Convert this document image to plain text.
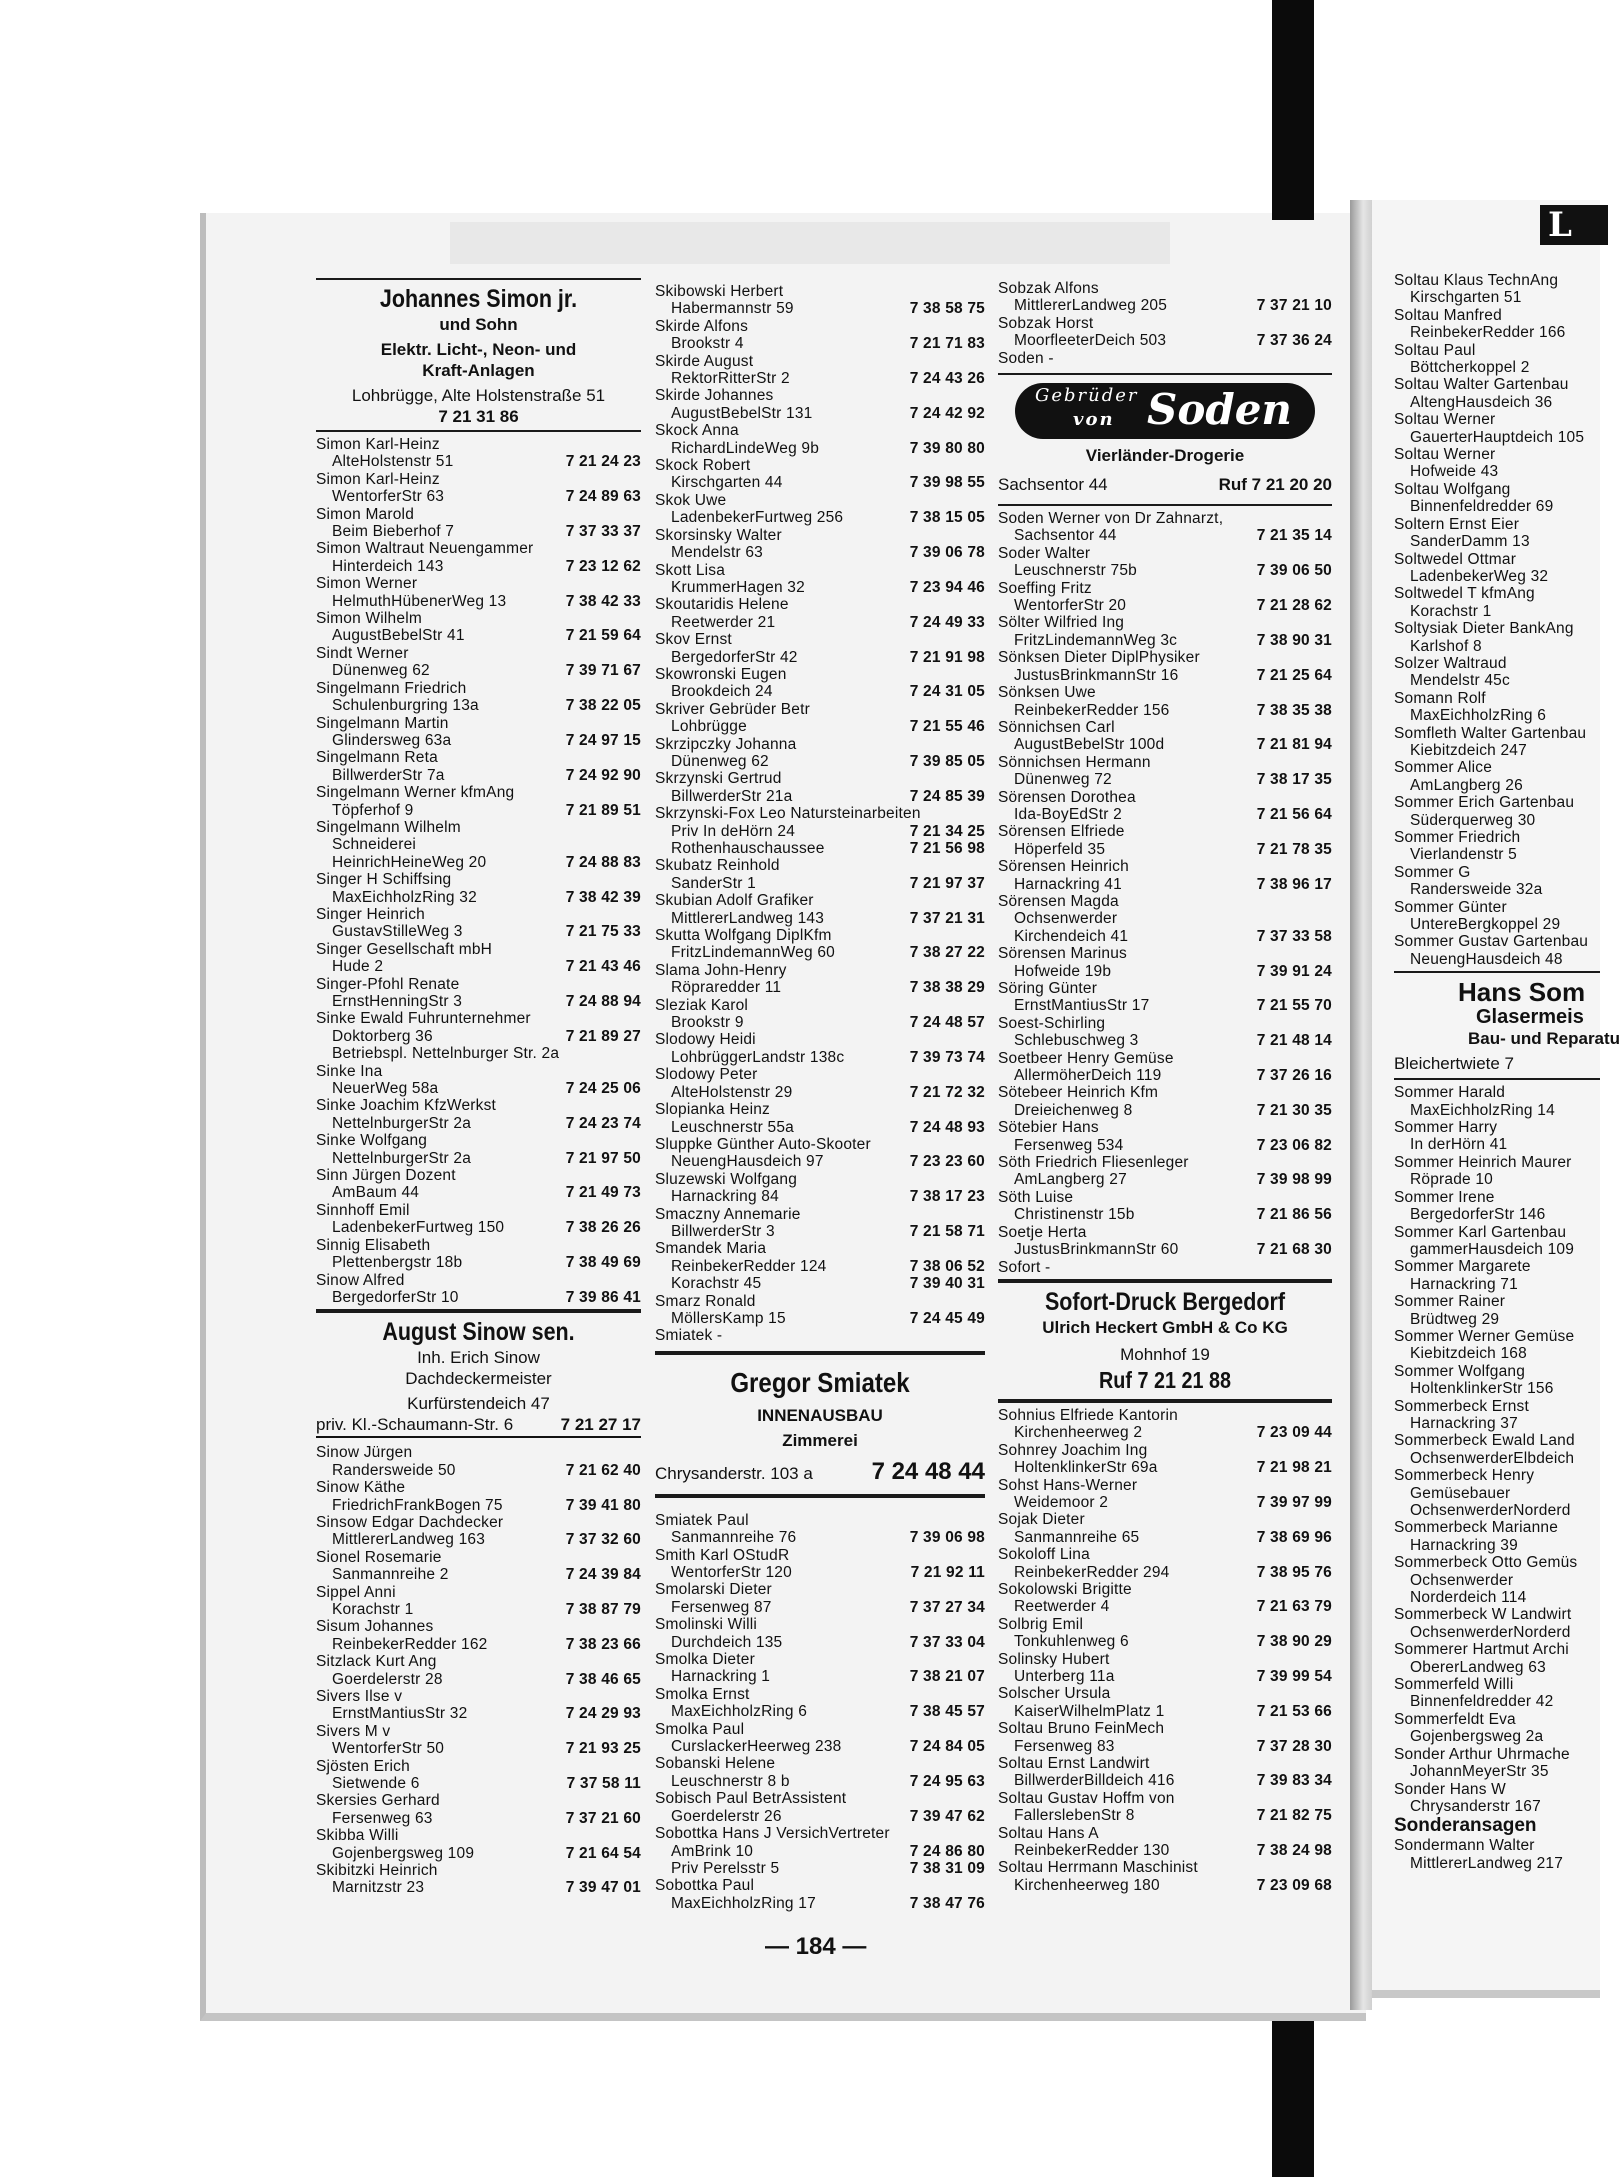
L
Johannes Simon jr.
und Sohn
Elektr. Licht-, Neon- und
Kraft-Anlagen
Lohbrügge, Alte Holstenstraße 51
7 21 31 86
Simon Karl-Heinz
AlteHolstenstr 51	7 21 24 23
Simon Karl-Heinz
WentorferStr 63	7 24 89 63
Simon Marold
Beim Bieberhof 7	7 37 33 37
Simon Waltraut Neuengammer
Hinterdeich 143	7 23 12 62
Simon Werner
HelmuthHübenerWeg 13	7 38 42 33
Simon Wilhelm
AugustBebelStr 41	7 21 59 64
Sindt Werner
Dünenweg 62	7 39 71 67
Singelmann Friedrich
Schulenburgring 13a	7 38 22 05
Singelmann Martin
Glindersweg 63a	7 24 97 15
Singelmann Reta
BillwerderStr 7a	7 24 92 90
Singelmann Werner kfmAng
Töpferhof 9	7 21 89 51
Singelmann Wilhelm
Schneiderei
HeinrichHeineWeg 20	7 24 88 83
Singer H Schiffsing
MaxEichholzRing 32	7 38 42 39
Singer Heinrich
GustavStilleWeg 3	7 21 75 33
Singer Gesellschaft mbH
Hude 2	7 21 43 46
Singer-Pfohl Renate
ErnstHenningStr 3	7 24 88 94
Sinke Ewald Fuhrunternehmer
Doktorberg 36	7 21 89 27
Betriebspl. Nettelnburger Str. 2a
Sinke Ina
NeuerWeg 58a	7 24 25 06
Sinke Joachim KfzWerkst
NettelnburgerStr 2a	7 24 23 74
Sinke Wolfgang
NettelnburgerStr 2a	7 21 97 50
Sinn Jürgen Dozent
AmBaum 44	7 21 49 73
Sinnhoff Emil
LadenbekerFurtweg 150	7 38 26 26
Sinnig Elisabeth
Plettenbergstr 18b	7 38 49 69
Sinow Alfred
BergedorferStr 10	7 39 86 41
August Sinow sen.
Inh. Erich Sinow
Dachdeckermeister
Kurfürstendeich 47
priv. Kl.-Schaumann-Str. 6	7 21 27 17
Sinow Jürgen
Randersweide 50	7 21 62 40
Sinow Käthe
FriedrichFrankBogen 75	7 39 41 80
Sinsow Edgar Dachdecker
MittlererLandweg 163	7 37 32 60
Sionel Rosemarie
Sanmannreihe 2	7 24 39 84
Sippel Anni
Korachstr 1	7 38 87 79
Sisum Johannes
ReinbekerRedder 162	7 38 23 66
Sitzlack Kurt Ang
Goerdelerstr 28	7 38 46 65
Sivers Ilse v
ErnstMantiusStr 32	7 24 29 93
Sivers M v
WentorferStr 50	7 21 93 25
Sjösten Erich
Sietwende 6	7 37 58 11
Skersies Gerhard
Fersenweg 63	7 37 21 60
Skibba Willi
Gojenbergsweg 109	7 21 64 54
Skibitzki Heinrich
Marnitzstr 23	7 39 47 01
Skibowski Herbert
Habermannstr 59	7 38 58 75
Skirde Alfons
Brookstr 4	7 21 71 83
Skirde August
RektorRitterStr 2	7 24 43 26
Skirde Johannes
AugustBebelStr 131	7 24 42 92
Skock Anna
RichardLindeWeg 9b	7 39 80 80
Skock Robert
Kirschgarten 44	7 39 98 55
Skok Uwe
LadenbekerFurtweg 256	7 38 15 05
Skorsinsky Walter
Mendelstr 63	7 39 06 78
Skott Lisa
KrummerHagen 32	7 23 94 46
Skoutaridis Helene
Reetwerder 21	7 24 49 33
Skov Ernst
BergedorferStr 42	7 21 91 98
Skowronski Eugen
Brookdeich 24	7 24 31 05
Skriver Gebrüder Betr
Lohbrügge	7 21 55 46
Skrzipczky Johanna
Dünenweg 62	7 39 85 05
Skrzynski Gertrud
BillwerderStr 21a	7 24 85 39
Skrzynski-Fox Leo Natursteinarbeiten
Priv In deHörn 24	7 21 34 25
Rothenhauschaussee	7 21 56 98
Skubatz Reinhold
SanderStr 1	7 21 97 37
Skubian Adolf Grafiker
MittlererLandweg 143	7 37 21 31
Skutta Wolfgang DiplKfm
FritzLindemannWeg 60	7 38 27 22
Slama John-Henry
Röpraredder 11	7 38 38 29
Sleziak Karol
Brookstr 9	7 24 48 57
Slodowy Heidi
LohbrüggerLandstr 138c	7 39 73 74
Slodowy Peter
AlteHolstenstr 29	7 21 72 32
Slopianka Heinz
Leuschnerstr 55a	7 24 48 93
Sluppke Günther Auto-Skooter
NeuengHausdeich 97	7 23 23 60
Sluzewski Wolfgang
Harnackring 84	7 38 17 23
Smaczny Annemarie
BillwerderStr 3	7 21 58 71
Smandek Maria
ReinbekerRedder 124	7 38 06 52
Korachstr 45	7 39 40 31
Smarz Ronald
MöllersKamp 15	7 24 45 49
Smiatek -
Gregor Smiatek
INNENAUSBAU
Zimmerei
Chrysanderstr. 103 a 7 24 48 44
Smiatek Paul
Sanmannreihe 76	7 39 06 98
Smith Karl OStudR
WentorferStr 120	7 21 92 11
Smolarski Dieter
Fersenweg 87	7 37 27 34
Smolinski Willi
Durchdeich 135	7 37 33 04
Smolka Dieter
Harnackring 1	7 38 21 07
Smolka Ernst
MaxEichholzRing 6	7 38 45 57
Smolka Paul
CurslackerHeerweg 238	7 24 84 05
Sobanski Helene
Leuschnerstr 8 b	7 24 95 63
Sobisch Paul BetrAssistent
Goerdelerstr 26	7 39 47 62
Sobottka Hans J VersichVertreter
AmBrink 10	7 24 86 80
Priv Perelsstr 5	7 38 31 09
Sobottka Paul
MaxEichholzRing 17	7 38 47 76
Sobzak Alfons
MittlererLandweg 205	7 37 21 10
Sobzak Horst
MoorfleeterDeich 503	7 37 36 24
Soden -
Gebrüder
von Soden
Vierländer-Drogerie
Sachsentor 44	Ruf 7 21 20 20
Soden Werner von Dr Zahnarzt,
Sachsentor 44	7 21 35 14
Soder Walter
Leuschnerstr 75b	7 39 06 50
Soeffing Fritz
WentorferStr 20	7 21 28 62
Sölter Wilfried Ing
FritzLindemannWeg 3c	7 38 90 31
Sönksen Dieter DiplPhysiker
JustusBrinkmannStr 16	7 21 25 64
Sönksen Uwe
ReinbekerRedder 156	7 38 35 38
Sönnichsen Carl
AugustBebelStr 100d	7 21 81 94
Sönnichsen Hermann
Dünenweg 72	7 38 17 35
Sörensen Dorothea
Ida-BoyEdStr 2	7 21 56 64
Sörensen Elfriede
Höperfeld 35	7 21 78 35
Sörensen Heinrich
Harnackring 41	7 38 96 17
Sörensen Magda
Ochsenwerder
Kirchendeich 41	7 37 33 58
Sörensen Marinus
Hofweide 19b	7 39 91 24
Söring Günter
ErnstMantiusStr 17	7 21 55 70
Soest-Schirling
Schlebuschweg 3	7 21 48 14
Soetbeer Henry Gemüse
AllermöherDeich 119	7 37 26 16
Sötebeer Heinrich Kfm
Dreieichenweg 8	7 21 30 35
Sötebier Hans
Fersenweg 534	7 23 06 82
Söth Friedrich Fliesenleger
AmLangberg 27	7 39 98 99
Söth Luise
Christinenstr 15b	7 21 86 56
Soetje Herta
JustusBrinkmannStr 60	7 21 68 30
Sofort -
Sofort-Druck Bergedorf
Ulrich Heckert GmbH & Co KG
Mohnhof 19
Ruf 7 21 21 88
Sohnius Elfriede Kantorin
Kirchenheerweg 2	7 23 09 44
Sohnrey Joachim Ing
HoltenklinkerStr 69a	7 21 98 21
Sohst Hans-Werner
Weidemoor 2	7 39 97 99
Sojak Dieter
Sanmannreihe 65	7 38 69 96
Sokoloff Lina
ReinbekerRedder 294	7 38 95 76
Sokolowski Brigitte
Reetwerder 4	7 21 63 79
Solbrig Emil
Tonkuhlenweg 6	7 38 90 29
Solinsky Hubert
Unterberg 11a	7 39 99 54
Solscher Ursula
KaiserWilhelmPlatz 1	7 21 53 66
Soltau Bruno FeinMech
Fersenweg 83	7 37 28 30
Soltau Ernst Landwirt
BillwerderBilldeich 416	7 39 83 34
Soltau Gustav Hoffm von
FallerslebenStr 8	7 21 82 75
Soltau Hans A
ReinbekerRedder 130	7 38 24 98
Soltau Herrmann Maschinist
Kirchenheerweg 180	7 23 09 68
Soltau Klaus TechnAng
Kirschgarten 51
Soltau Manfred
ReinbekerRedder 166
Soltau Paul
Böttcherkoppel 2
Soltau Walter Gartenbau
AltengHausdeich 36
Soltau Werner
GauerterHauptdeich 105
Soltau Werner
Hofweide 43
Soltau Wolfgang
Binnenfeldredder 69
Soltern Ernst Eier
SanderDamm 13
Soltwedel Ottmar
LadenbekerWeg 32
Soltwedel T kfmAng
Korachstr 1
Soltysiak Dieter BankAng
Karlshof 8
Solzer Waltraud
Mendelstr 45c
Somann Rolf
MaxEichholzRing 6
Somfleth Walter Gartenbau
Kiebitzdeich 247
Sommer Alice
AmLangberg 26
Sommer Erich Gartenbau
Süderquerweg 30
Sommer Friedrich
Vierlandenstr 5
Sommer G
Randersweide 32a
Sommer Günter
UntereBergkoppel 29
Sommer Gustav Gartenbau
NeuengHausdeich 48
Hans Som
Glasermeis
Bau- und Reparatu
Bleichertwiete 7
Sommer Harald
MaxEichholzRing 14
Sommer Harry
In derHörn 41
Sommer Heinrich Maurer
Röprade 10
Sommer Irene
BergedorferStr 146
Sommer Karl Gartenbau
gammerHausdeich 109
Sommer Margarete
Harnackring 71
Sommer Rainer
Brüdtweg 29
Sommer Werner Gemüse
Kiebitzdeich 168
Sommer Wolfgang
HoltenklinkerStr 156
Sommerbeck Ernst
Harnackring 37
Sommerbeck Ewald Land
OchsenwerderElbdeich
Sommerbeck Henry
Gemüsebauer
OchsenwerderNorderd
Sommerbeck Marianne
Harnackring 39
Sommerbeck Otto Gemüs
Ochsenwerder
Norderdeich 114
Sommerbeck W Landwirt
OchsenwerderNorderd
Sommerer Hartmut Archi
ObererLandweg 63
Sommerfeld Willi
Binnenfeldredder 42
Sommerfeldt Eva
Gojenbergsweg 2a
Sonder Arthur Uhrmache
JohannMeyerStr 35
Sonder Hans W
Chrysanderstr 167
Sonderansagen
Sondermann Walter
MittlererLandweg 217
— 184 —
